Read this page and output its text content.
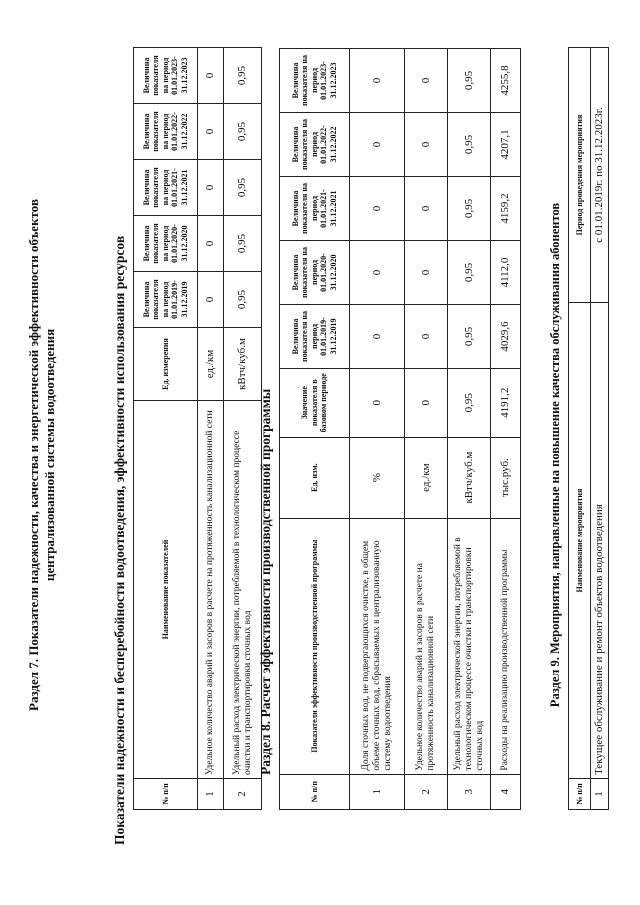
Раздел 7. Показатели надежности, качества и энергетической эффективности объектов централизованной системы водоотведения	Показатели надежности и бесперебойности водоотведения, эффективности использования ресурсов	№ п/п	Наименование показателей	Ед. измерения	Величина показателя на период 01.01.2019-31.12.2019	Величина показателя на период 01.01.2020-31.12.2020	Величина показателя на период 01.01.2021-31.12.2021	Величина показателя на период 01.01.2022-31.12.2022	Величина показателя на период 01.01.2023-31.12.2023
1	Удельное количество аварий и засоров в расчете на протяженность канализационной сети	ед./км	0	0	0	0	0
2	Удельный расход электрической энергии, потребляемой в технологическом процессе очистки и транспортировки сточных вод	кВтч/куб.м	0,95	0,95	0,95	0,95	0,95
Раздел 8. Расчет эффективности производственной программы
№ п/п	Показатели эффективности производственной программы	Ед. изм.	Значение показателя в базовом периоде	Величина показателя на период 01.01.2019-31.12.2019	Величина показателя на период 01.01.2020-31.12.2020	Величина показателя на период 01.01.2021-31.12.2021	Величина показателя на период 01.01.2022-31.12.2022	Величина показателя на период 01.01.2023-31.12.2023
1	Доля сточных вод, не подвергающихся очистке, в общем объеме сточных вод, сбрасываемых в централизованную систему водоотведения	%	0	0	0	0	0	0
2	Удельное количество аварий и засоров в расчете на протяженность канализационной сети	ед./км	0	0	0	0	0	0
3	Удельный расход электрической энергии, потребляемой в технологическом процессе очистки и транспортировки сточных вод	кВтч/куб.м	0,95	0,95	0,95	0,95	0,95	0,95
4	Расходы на реализацию производственной программы	тыс.руб.	4191,2	4029,6	4112,0	4159,2	4207,1	4255,8
Раздел 9. Мероприятия, направленные на повышение качества обслуживания абонентов
№ п/п	Наименование мероприятия	Период проведения мероприятия
1	Текущее обслуживание и ремонт объектов водоотведения	с 01.01.2019г. по 31.12.2023г.
